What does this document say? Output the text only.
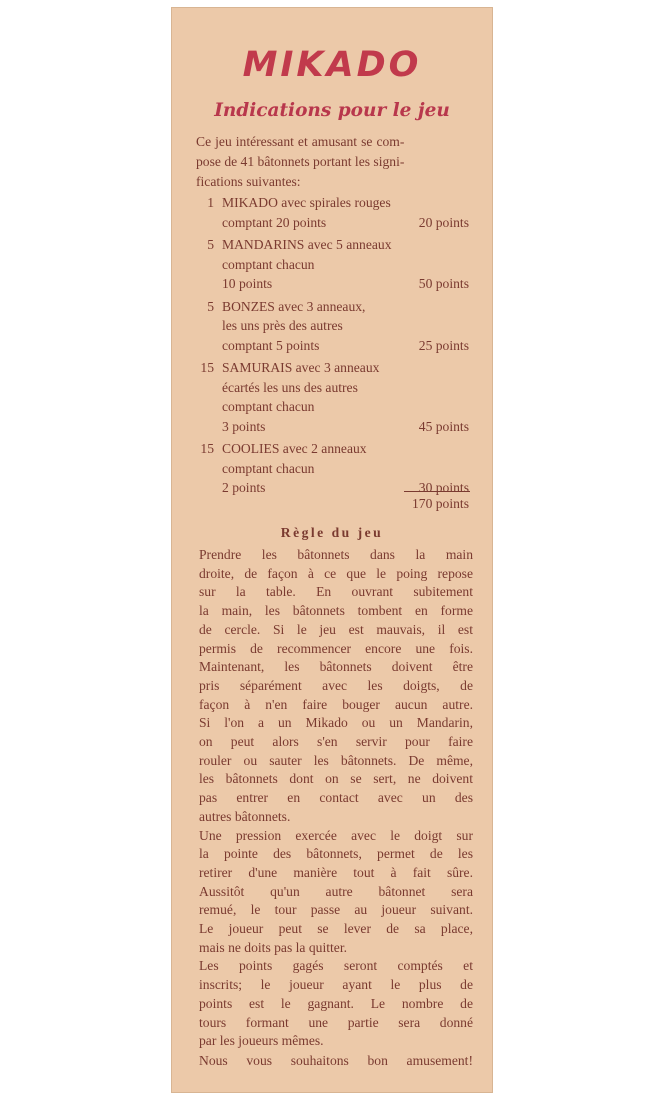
MIKADO
Indications pour le jeu
Ce jeu intéressant et amusant se com-
pose de 41 bâtonnets portant les signi-
fications suivantes:
1 MIKADO avec spirales rouges
comptant 20 points	20 points
5 MANDARINS avec 5 anneaux
comptant chacun
10 points	50 points
5 BONZES avec 3 anneaux,
les uns près des autres
comptant 5 points	25 points
15 SAMURAIS avec 3 anneaux
écartés les uns des autres
comptant chacun
3 points	45 points
15 COOLIES avec 2 anneaux
comptant chacun
2 points	30 points
170 points
Règle du jeu
Prendre les bâtonnets dans la main
droite, de façon à ce que le poing repose
sur la table. En ouvrant subitement
la main, les bâtonnets tombent en forme
de cercle. Si le jeu est mauvais, il est
permis de recommencer encore une fois.
Maintenant, les bâtonnets doivent être
pris séparément avec les doigts, de
façon à n'en faire bouger aucun autre.
Si l'on a un Mikado ou un Mandarin,
on peut alors s'en servir pour faire
rouler ou sauter les bâtonnets. De même,
les bâtonnets dont on se sert, ne doivent
pas entrer en contact avec un des
autres bâtonnets.
Une pression exercée avec le doigt sur
la pointe des bâtonnets, permet de les
retirer d'une manière tout à fait sûre.
Aussitôt qu'un autre bâtonnet sera
remué, le tour passe au joueur suivant.
Le joueur peut se lever de sa place,
mais ne doits pas la quitter.
Les points gagés seront comptés et
inscrits; le joueur ayant le plus de
points est le gagnant. Le nombre de
tours formant une partie sera donné
par les joueurs mêmes.
Nous vous souhaitons bon amusement!
